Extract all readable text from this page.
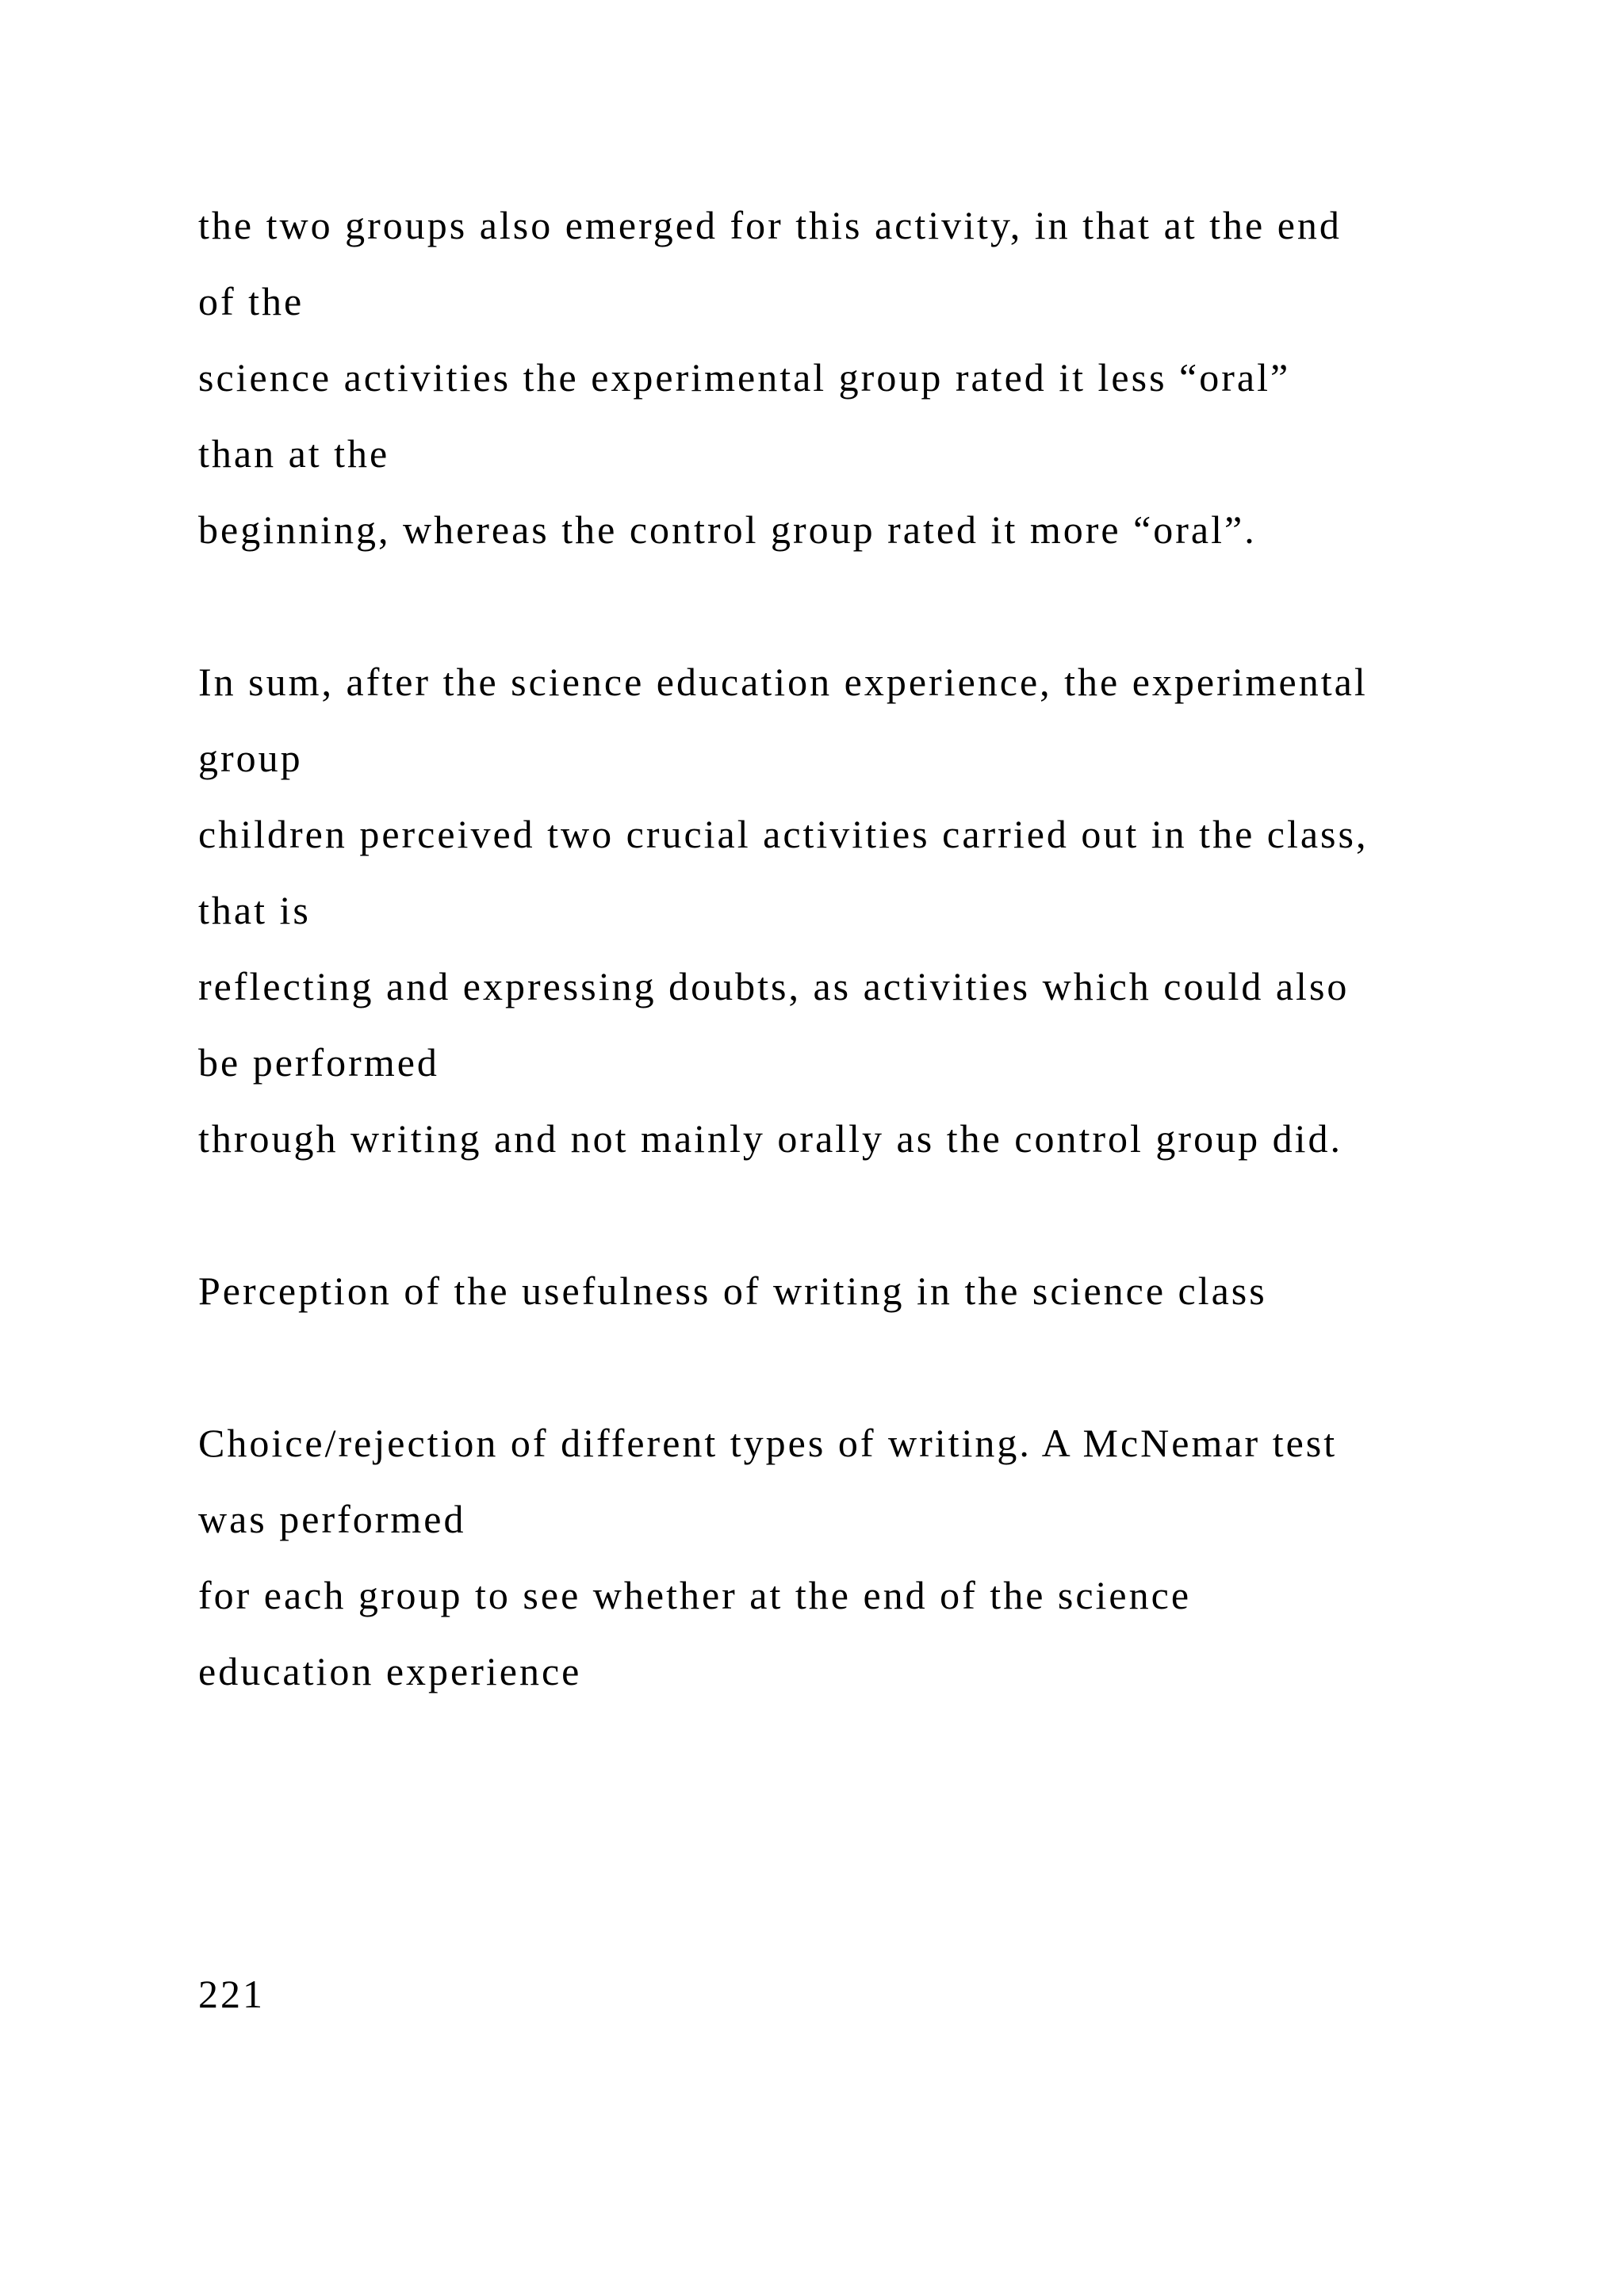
the two groups also emerged for this activity, in that at the end
of the
science activities the experimental group rated it less “oral”
than at the
beginning, whereas the control group rated it more “oral”.
In sum, after the science education experience, the experimental
group
children perceived two crucial activities carried out in the class,
that is
reflecting and expressing doubts, as activities which could also
be performed
through writing and not mainly orally as the control group did.
Perception of the usefulness of writing in the science class
Choice/rejection of different types of writing. A McNemar test
was performed
for each group to see whether at the end of the science
education experience
221
